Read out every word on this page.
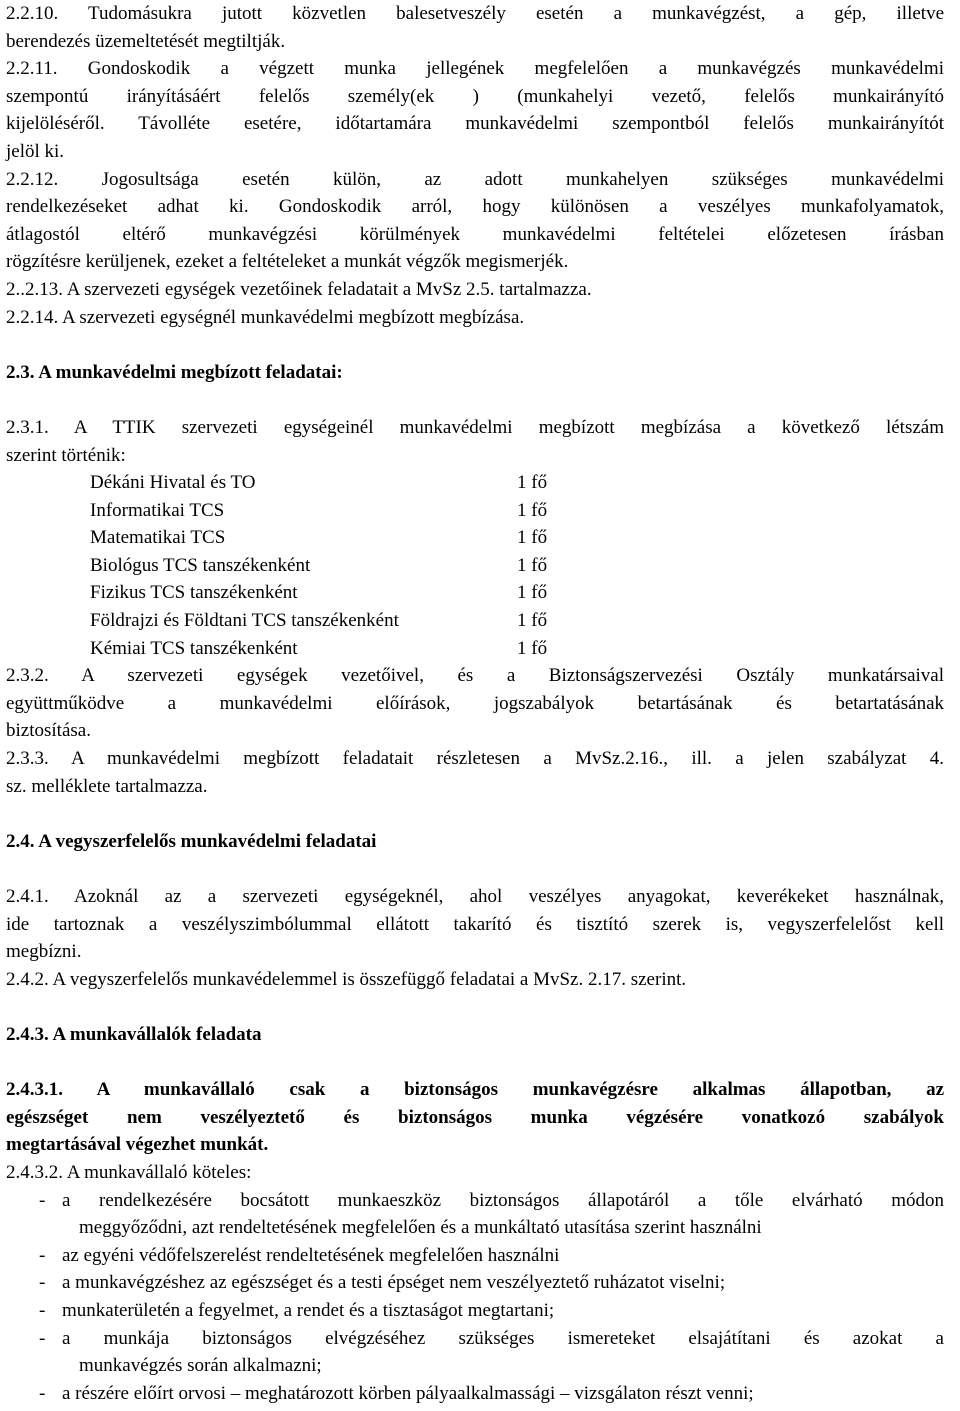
2.2.10. Tudomásukra jutott közvetlen balesetveszély esetén a munkavégzést, a gép, illetve
berendezés üzemeltetését megtiltják.
2.2.11. Gondoskodik a végzett munka jellegének megfelelően a munkavégzés munkavédelmi
szempontú irányításáért felelős személy(ek ) (munkahelyi vezető, felelős munkairányító
kijelöléséről. Távolléte esetére, időtartamára munkavédelmi szempontból felelős munkairányítót
jelöl ki.
2.2.12. Jogosultsága esetén külön, az adott munkahelyen szükséges munkavédelmi
rendelkezéseket adhat ki. Gondoskodik arról, hogy különösen a veszélyes munkafolyamatok,
átlagostól eltérő munkavégzési körülmények munkavédelmi feltételei előzetesen írásban
rögzítésre kerüljenek, ezeket a feltételeket a munkát végzők megismerjék.
2..2.13. A szervezeti egységek vezetőinek feladatait a MvSz 2.5. tartalmazza.
2.2.14. A szervezeti egységnél munkavédelmi megbízott megbízása.
2.3. A munkavédelmi megbízott feladatai:
2.3.1. A TTIK szervezeti egységeinél munkavédelmi megbízott megbízása a következő létszám
szerint történik:
Dékáni Hivatal és TO	1 fő
Informatikai TCS	1 fő
Matematikai TCS	1 fő
Biológus TCS tanszékenként	1 fő
Fizikus TCS tanszékenként	1 fő
Földrajzi és Földtani TCS tanszékenként	1 fő
Kémiai TCS tanszékenként	1 fő
2.3.2. A szervezeti egységek vezetőivel, és a Biztonságszervezési Osztály munkatársaival
együttműködve a munkavédelmi előírások, jogszabályok betartásának és betartatásának
biztosítása.
2.3.3. A munkavédelmi megbízott feladatait részletesen a MvSz.2.16., ill. a jelen szabályzat 4.
sz. melléklete tartalmazza.
2.4. A vegyszerfelelős munkavédelmi feladatai
2.4.1. Azoknál az a szervezeti egységeknél, ahol veszélyes anyagokat, keverékeket használnak,
ide tartoznak a veszélyszimbólummal ellátott takarító és tisztító szerek is, vegyszerfelelőst kell
megbízni.
2.4.2. A vegyszerfelelős munkavédelemmel is összefüggő feladatai a MvSz. 2.17. szerint.
2.4.3. A munkavállalók feladata
2.4.3.1. A munkavállaló csak a biztonságos munkavégzésre alkalmas állapotban, az
egészséget nem veszélyeztető és biztonságos munka végzésére vonatkozó szabályok
megtartásával végezhet munkát.
2.4.3.2. A munkavállaló köteles:
- a rendelkezésére bocsátott munkaeszköz biztonságos állapotáról a tőle elvárható módon
meggyőződni, azt rendeltetésének megfelelően és a munkáltató utasítása szerint használni
- az egyéni védőfelszerelést rendeltetésének megfelelően használni
- a munkavégzéshez az egészséget és a testi épséget nem veszélyeztető ruházatot viselni;
- munkaterületén a fegyelmet, a rendet és a tisztaságot megtartani;
- a munkája biztonságos elvégzéséhez szükséges ismereteket elsajátítani és azokat a
munkavégzés során alkalmazni;
- a részére előírt orvosi – meghatározott körben pályaalkalmassági – vizsgálaton részt venni;
